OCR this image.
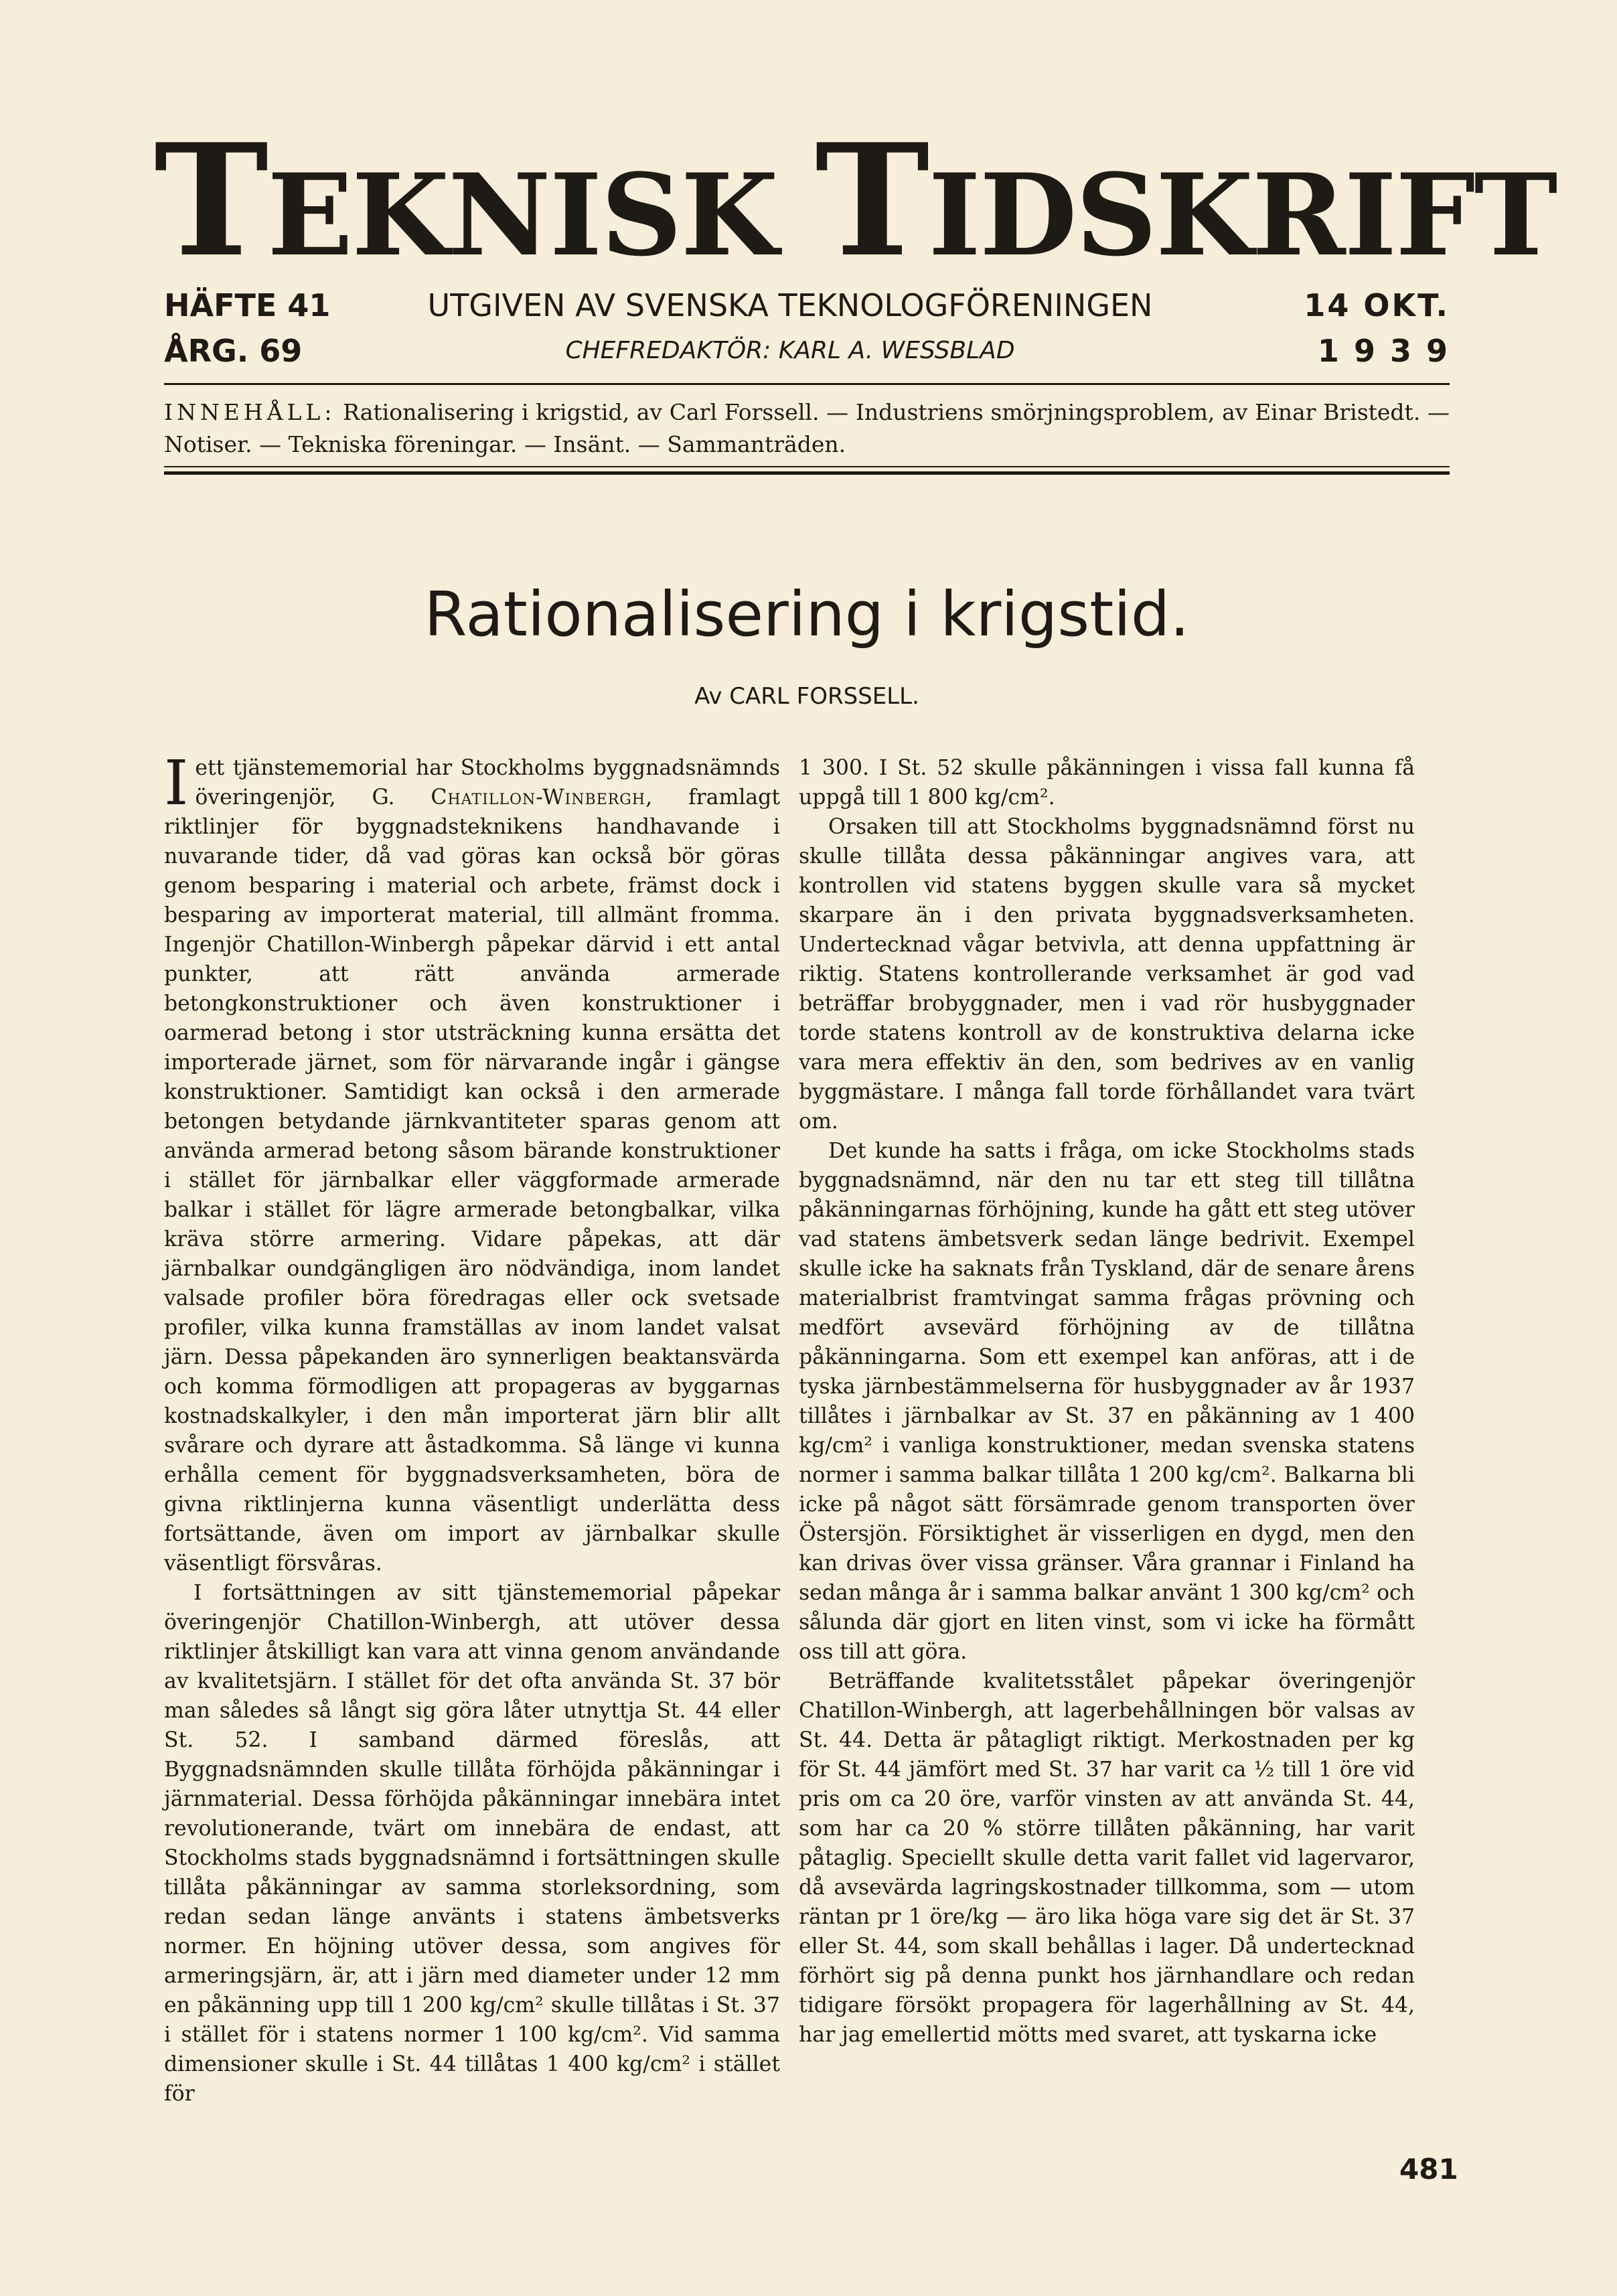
TEKNISK TIDSKRIFT
HÄFTE 41	UTGIVEN AV SVENSKA TEKNOLOGFÖRENINGEN	14 OKT.
ÅRG. 69	CHEFREDAKTÖR: KARL A. WESSBLAD	1 9 3 9
INNEHÅLL: Rationalisering i krigstid, av Carl Forssell. — Industriens smörjningsproblem, av Einar Bristedt. — Notiser. — Tekniska föreningar. — Insänt. — Sammanträden.
Rationalisering i krigstid.
Av CARL FORSSELL.

I ett tjänstememorial har Stockholms byggnadsnämnds överingenjör, G. Chatillon-Winbergh, framlagt riktlinjer för byggnadsteknikens handhavande i nuvarande tider, då vad göras kan också bör göras genom besparing i material och arbete, främst dock i besparing av importerat material, till allmänt fromma. Ingenjör Chatillon-Winbergh påpekar därvid i ett antal punkter, att rätt använda armerade betongkonstruktioner och även konstruktioner i oarmerad betong i stor utsträckning kunna ersätta det importerade järnet, som för närvarande ingår i gängse konstruktioner. Samtidigt kan också i den armerade betongen betydande järnkvantiteter sparas genom att använda armerad betong såsom bärande konstruktioner i stället för järnbalkar eller väggformade armerade balkar i stället för lägre armerade betongbalkar, vilka kräva större armering. Vidare påpekas, att där järnbalkar oundgängligen äro nödvändiga, inom landet valsade profiler böra föredragas eller ock svetsade profiler, vilka kunna framställas av inom landet valsat järn. Dessa påpekanden äro synnerligen beaktansvärda och komma förmodligen att propageras av byggarnas kostnadskalkyler, i den mån importerat järn blir allt svårare och dyrare att åstadkomma. Så länge vi kunna erhålla cement för byggnadsverksamheten, böra de givna riktlinjerna kunna väsentligt underlätta dess fortsättande, även om import av järnbalkar skulle väsentligt försvåras.

I fortsättningen av sitt tjänstememorial påpekar överingenjör Chatillon-Winbergh, att utöver dessa riktlinjer åtskilligt kan vara att vinna genom användande av kvalitetsjärn. I stället för det ofta använda St. 37 bör man således så långt sig göra låter utnyttja St. 44 eller St. 52. I samband därmed föreslås, att Byggnadsnämnden skulle tillåta förhöjda påkänningar i järnmaterial. Dessa förhöjda påkänningar innebära intet revolutionerande, tvärt om innebära de endast, att Stockholms stads byggnadsnämnd i fortsättningen skulle tillåta påkänningar av samma storleksordning, som redan sedan länge använts i statens ämbetsverks normer. En höjning utöver dessa, som angives för armeringsjärn, är, att i järn med diameter under 12 mm en påkänning upp till 1 200 kg/cm² skulle tillåtas i St. 37 i stället för i statens normer 1 100 kg/cm². Vid samma dimensioner skulle i St. 44 tillåtas 1 400 kg/cm² i stället för

1 300. I St. 52 skulle påkänningen i vissa fall kunna få uppgå till 1 800 kg/cm².

Orsaken till att Stockholms byggnadsnämnd först nu skulle tillåta dessa påkänningar angives vara, att kontrollen vid statens byggen skulle vara så mycket skarpare än i den privata byggnadsverksamheten. Undertecknad vågar betvivla, att denna uppfattning är riktig. Statens kontrollerande verksamhet är god vad beträffar brobyggnader, men i vad rör husbyggnader torde statens kontroll av de konstruktiva delarna icke vara mera effektiv än den, som bedrives av en vanlig byggmästare. I många fall torde förhållandet vara tvärt om.

Det kunde ha satts i fråga, om icke Stockholms stads byggnadsnämnd, när den nu tar ett steg till tillåtna påkänningarnas förhöjning, kunde ha gått ett steg utöver vad statens ämbetsverk sedan länge bedrivit. Exempel skulle icke ha saknats från Tyskland, där de senare årens materialbrist framtvingat samma frågas prövning och medfört avsevärd förhöjning av de tillåtna påkänningarna. Som ett exempel kan anföras, att i de tyska järnbestämmelserna för husbyggnader av år 1937 tillåtes i järnbalkar av St. 37 en påkänning av 1 400 kg/cm² i vanliga konstruktioner, medan svenska statens normer i samma balkar tillåta 1 200 kg/cm². Balkarna bli icke på något sätt försämrade genom transporten över Östersjön. Försiktighet är visserligen en dygd, men den kan drivas över vissa gränser. Våra grannar i Finland ha sedan många år i samma balkar använt 1 300 kg/cm² och sålunda där gjort en liten vinst, som vi icke ha förmått oss till att göra.

Beträffande kvalitetsstålet påpekar överingenjör Chatillon-Winbergh, att lagerbehållningen bör valsas av St. 44. Detta är påtagligt riktigt. Merkostnaden per kg för St. 44 jämfört med St. 37 har varit ca ½ till 1 öre vid pris om ca 20 öre, varför vinsten av att använda St. 44, som har ca 20 % större tillåten påkänning, har varit påtaglig. Speciellt skulle detta varit fallet vid lagervaror, då avsevärda lagringskostnader tillkomma, som — utom räntan pr 1 öre/kg — äro lika höga vare sig det är St. 37 eller St. 44, som skall behållas i lager. Då undertecknad förhört sig på denna punkt hos järnhandlare och redan tidigare försökt propagera för lagerhållning av St. 44, har jag emellertid mötts med svaret, att tyskarna icke

481
